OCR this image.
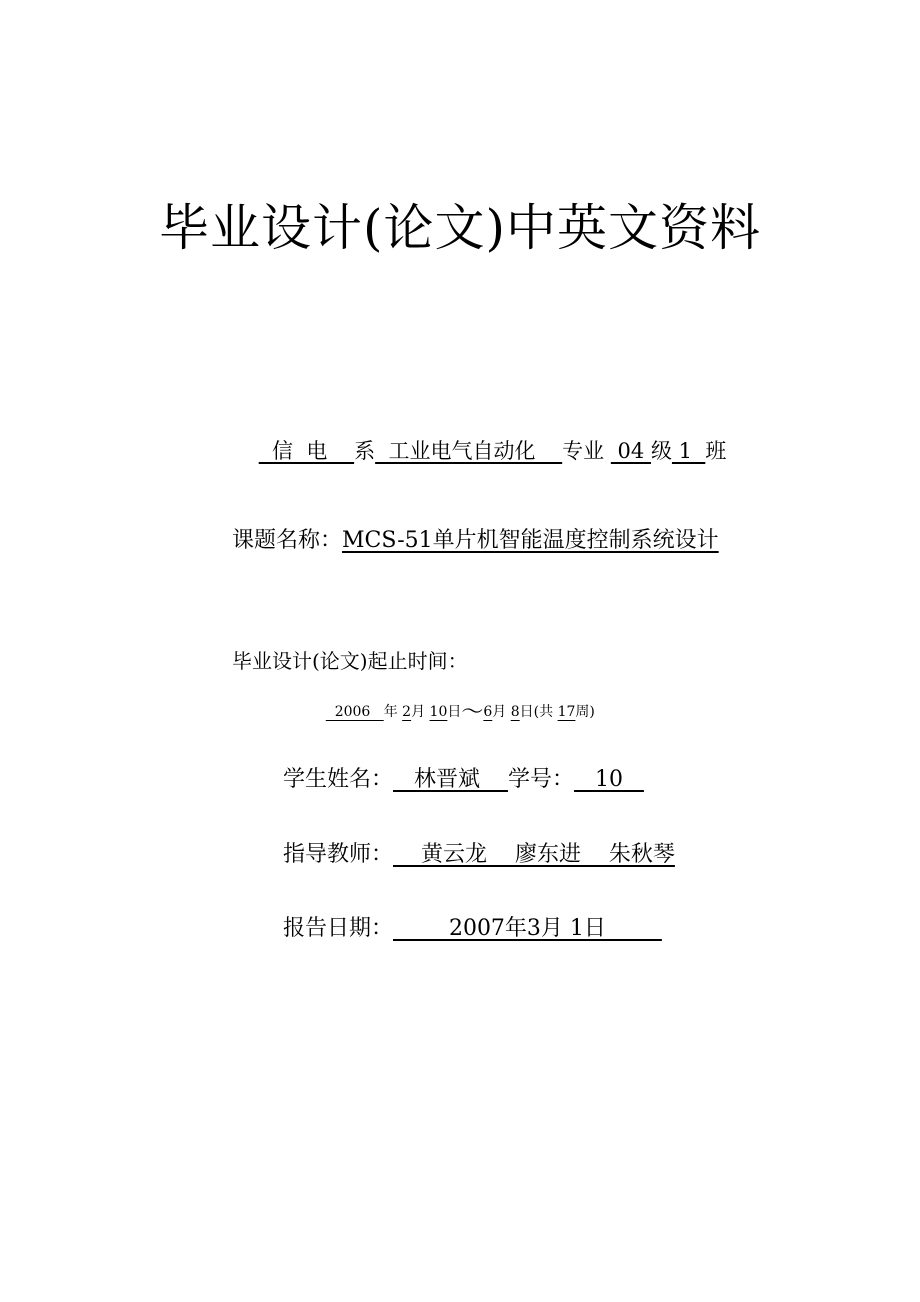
毕业设计(论文)中英文资料

信  电    系  工业电气自动化    专业  04 级 1  班

课题名称：MCS-51单片机智能温度控制系统设计
毕业设计(论文)起止时间：

2006   年 2月 10日〜6月 8日(共 17周)

学生姓名：   林晋斌    学号：   10

指导教师：    黄云龙    廖东进    朱秋琴

报告日期：        2007年3月 1日
